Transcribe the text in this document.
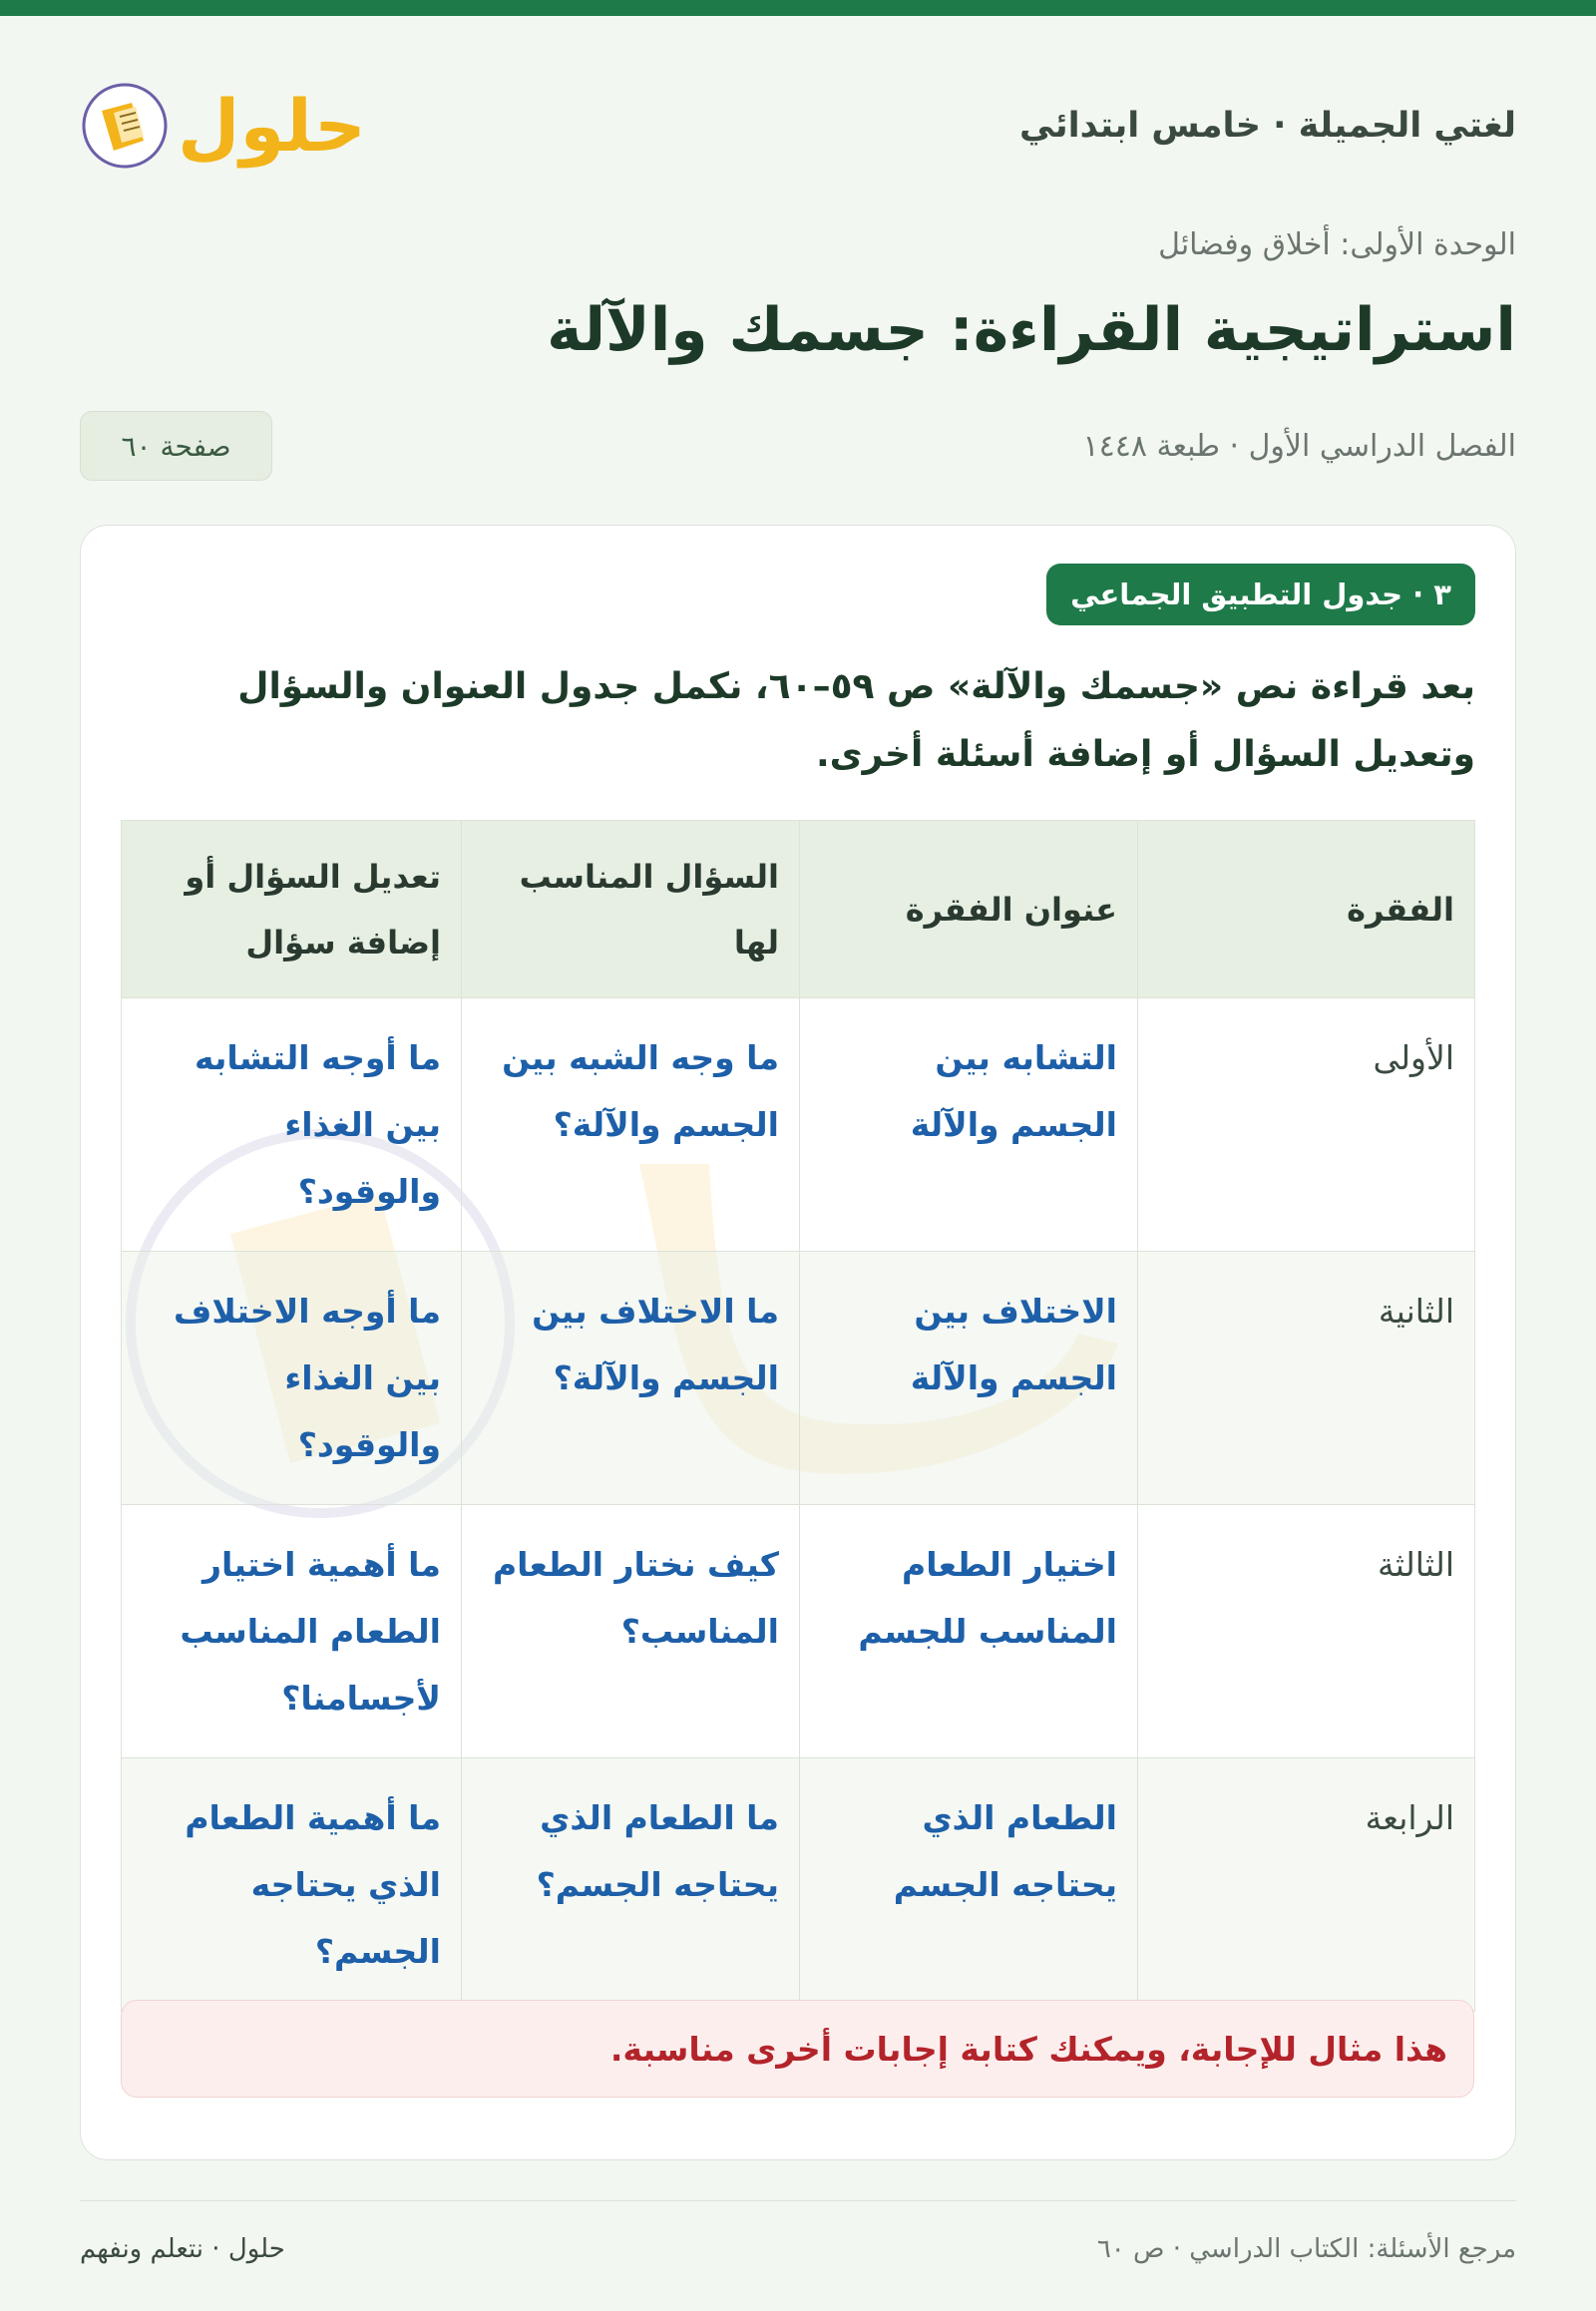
لغتي الجميلة · خامس ابتدائي
حلول
الوحدة الأولى: أخلاق وفضائل
استراتيجية القراءة: جسمك والآلة
الفصل الدراسي الأول · طبعة ١٤٤٨
صفحة ٦٠
٣ · جدول التطبيق الجماعي
بعد قراءة نص «جسمك والآلة» ص ٥٩–٦٠، نكمل جدول العنوان والسؤال وتعديل السؤال أو إضافة أسئلة أخرى.
الفقرة	عنوان الفقرة	السؤال المناسب لها	تعديل السؤال أو إضافة سؤال
الأولى	التشابه بين الجسم والآلة	ما وجه الشبه بين الجسم والآلة؟	ما أوجه التشابه بين الغذاء والوقود؟
الثانية	الاختلاف بين الجسم والآلة	ما الاختلاف بين الجسم والآلة؟	ما أوجه الاختلاف بين الغذاء والوقود؟
الثالثة	اختيار الطعام المناسب للجسم	كيف نختار الطعام المناسب؟	ما أهمية اختيار الطعام المناسب لأجسامنا؟
الرابعة	الطعام الذي يحتاجه الجسم	ما الطعام الذي يحتاجه الجسم؟	ما أهمية الطعام الذي يحتاجه الجسم؟
هذا مثال للإجابة، ويمكنك كتابة إجابات أخرى مناسبة.
مرجع الأسئلة: الكتاب الدراسي · ص ٦٠
حلول · نتعلم ونفهم
